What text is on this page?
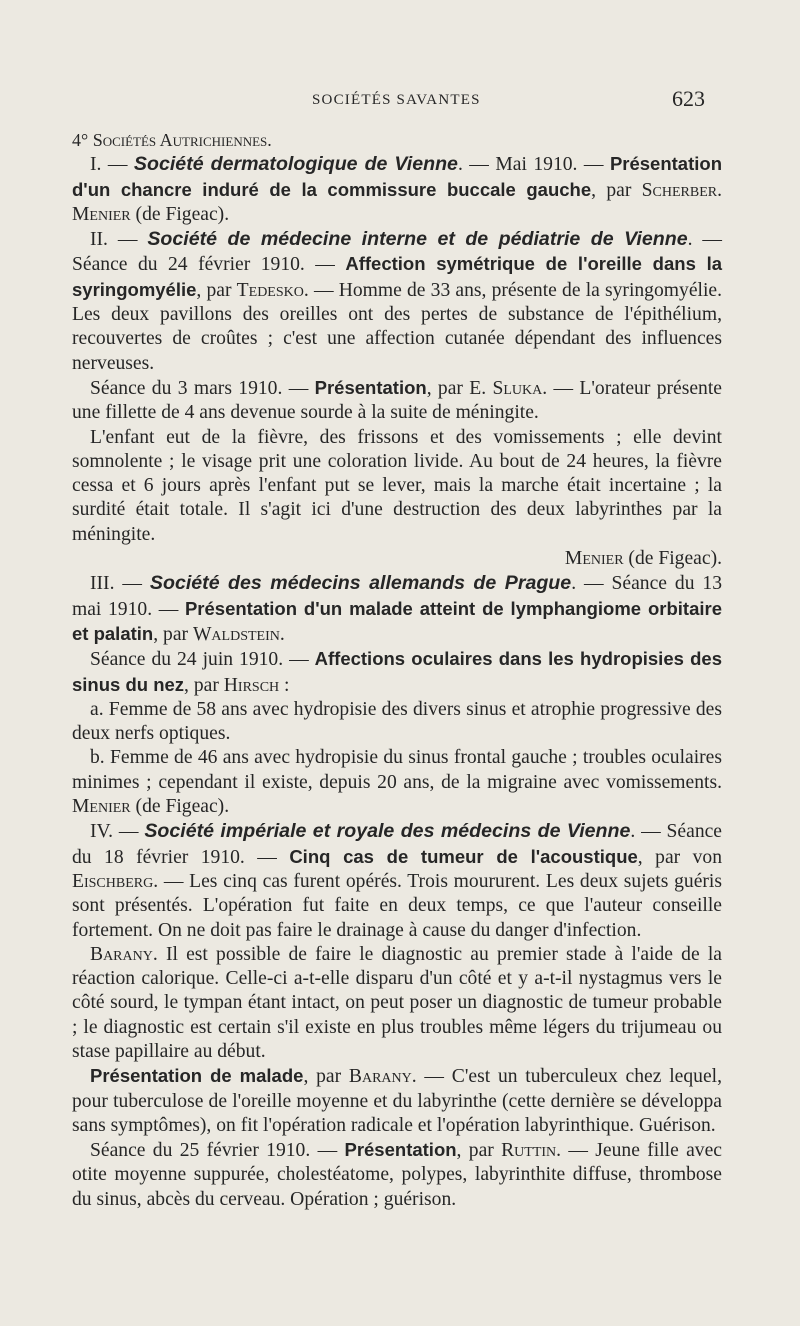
SOCIÉTÉS SAVANTES	623

4° Sociétés Autrichiennes.

I. — Société dermatologique de Vienne. — Mai 1910. — Présentation d'un chancre induré de la commissure buccale gauche, par Scherber. Menier (de Figeac).

II. — Société de médecine interne et de pédiatrie de Vienne. — Séance du 24 février 1910. — Affection symétrique de l'oreille dans la syringomyélie, par Tedesko. — Homme de 33 ans, présente de la syringomyélie. Les deux pavillons des oreilles ont des pertes de substance de l'épithélium, recouvertes de croûtes ; c'est une affection cutanée dépendant des influences nerveuses.

Séance du 3 mars 1910. — Présentation, par E. Sluka. — L'orateur présente une fillette de 4 ans devenue sourde à la suite de méningite.

L'enfant eut de la fièvre, des frissons et des vomissements ; elle devint somnolente ; le visage prit une coloration livide. Au bout de 24 heures, la fièvre cessa et 6 jours après l'enfant put se lever, mais la marche était incertaine ; la surdité était totale. Il s'agit ici d'une destruction des deux labyrinthes par la méningite.

Menier (de Figeac).

III. — Société des médecins allemands de Prague. — Séance du 13 mai 1910. — Présentation d'un malade atteint de lymphangiome orbitaire et palatin, par Waldstein.

Séance du 24 juin 1910. — Affections oculaires dans les hydropisies des sinus du nez, par Hirsch :

a. Femme de 58 ans avec hydropisie des divers sinus et atrophie progressive des deux nerfs optiques.

b. Femme de 46 ans avec hydropisie du sinus frontal gauche ; troubles oculaires minimes ; cependant il existe, depuis 20 ans, de la migraine avec vomissements. Menier (de Figeac).

IV. — Société impériale et royale des médecins de Vienne. — Séance du 18 février 1910. — Cinq cas de tumeur de l'acoustique, par von Eischberg. — Les cinq cas furent opérés. Trois moururent. Les deux sujets guéris sont présentés. L'opération fut faite en deux temps, ce que l'auteur conseille fortement. On ne doit pas faire le drainage à cause du danger d'infection.

Barany. Il est possible de faire le diagnostic au premier stade à l'aide de la réaction calorique. Celle-ci a-t-elle disparu d'un côté et y a-t-il nystagmus vers le côté sourd, le tympan étant intact, on peut poser un diagnostic de tumeur probable ; le diagnostic est certain s'il existe en plus troubles même légers du trijumeau ou stase papillaire au début.

Présentation de malade, par Barany. — C'est un tuberculeux chez lequel, pour tuberculose de l'oreille moyenne et du labyrinthe (cette dernière se développa sans symptômes), on fit l'opération radicale et l'opération labyrinthique. Guérison.

Séance du 25 février 1910. — Présentation, par Ruttin. — Jeune fille avec otite moyenne suppurée, cholestéatome, polypes, labyrinthite diffuse, thrombose du sinus, abcès du cerveau. Opération ; guérison.
